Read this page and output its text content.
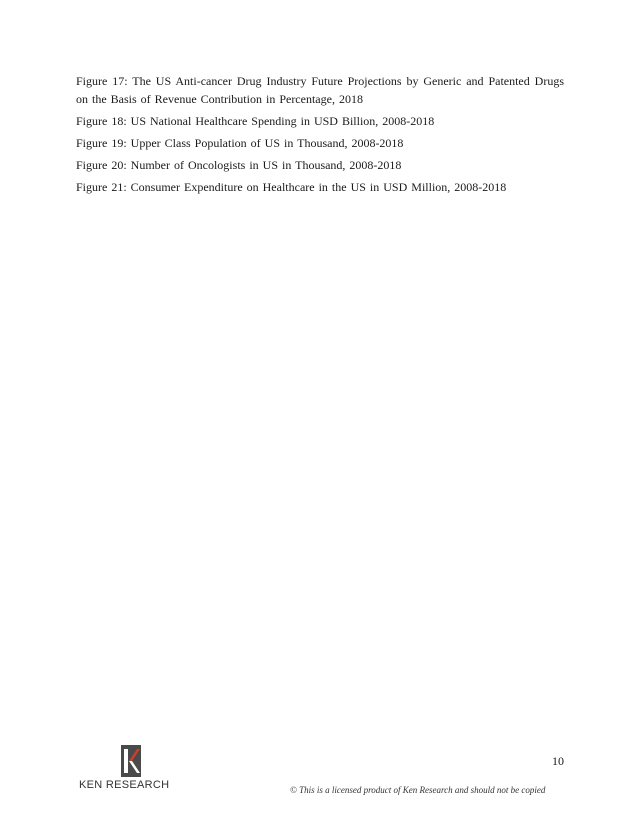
Figure 17: The US Anti-cancer Drug Industry Future Projections by Generic and Patented Drugs on the Basis of Revenue Contribution in Percentage, 2018
Figure 18: US National Healthcare Spending in USD Billion, 2008-2018
Figure 19: Upper Class Population of US in Thousand, 2008-2018
Figure 20: Number of Oncologists in US in Thousand, 2008-2018
Figure 21: Consumer Expenditure on Healthcare in the US in USD Million, 2008-2018
10
KEN RESEARCH	© This is a licensed product of Ken Research and should not be copied
